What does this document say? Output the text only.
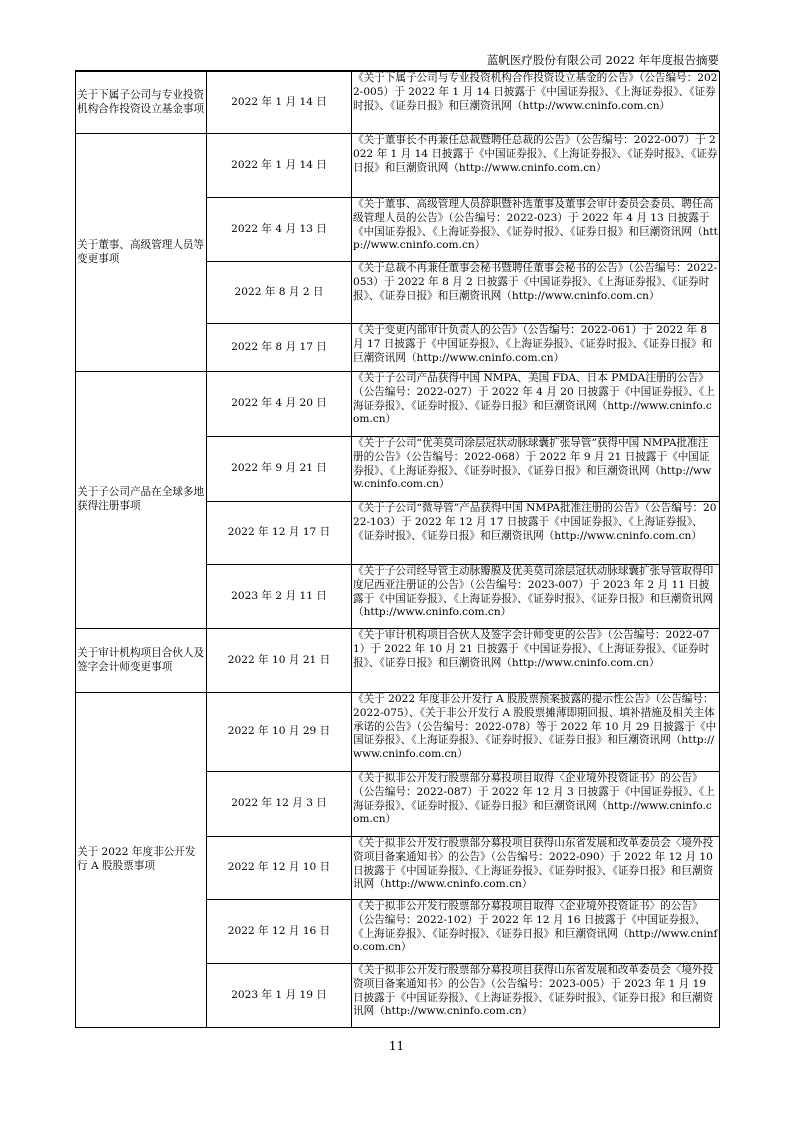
蓝帆医疗股份有限公司 2022 年年度报告摘要
关于下属子公司与专业投资机构合作投资设立基金事项	2022 年 1 月 14 日	《关于下属子公司与专业投资机构合作投资设立基金的公告》（公告编号：2022-005）于 2022 年 1 月 14 日披露于《中国证券报》、《上海证券报》、《证券时报》、《证券日报》和巨潮资讯网（http://www.cninfo.com.cn）
关于董事、高级管理人员等变更事项	2022 年 1 月 14 日	《关于董事长不再兼任总裁暨聘任总裁的公告》（公告编号：2022-007）于 2022 年 1 月 14 日披露于《中国证券报》、《上海证券报》、《证券时报》、《证券日报》和巨潮资讯网（http://www.cninfo.com.cn）
	2022 年 4 月 13 日	《关于董事、高级管理人员辞职暨补选董事及董事会审计委员会委员、聘任高级管理人员的公告》（公告编号：2022-023）于 2022 年 4 月 13 日披露于《中国证券报》、《上海证券报》、《证券时报》、《证券日报》和巨潮资讯网（http://www.cninfo.com.cn）
	2022 年 8 月 2 日	《关于总裁不再兼任董事会秘书暨聘任董事会秘书的公告》（公告编号：2022-053）于 2022 年 8 月 2 日披露于《中国证券报》、《上海证券报》、《证券时报》、《证券日报》和巨潮资讯网（http://www.cninfo.com.cn）
	2022 年 8 月 17 日	《关于变更内部审计负责人的公告》（公告编号：2022-061）于 2022 年 8 月 17 日披露于《中国证券报》、《上海证券报》、《证券时报》、《证券日报》和巨潮资讯网（http://www.cninfo.com.cn）
关于子公司产品在全球多地获得注册事项	2022 年 4 月 20 日	《关于子公司产品获得中国 NMPA、美国 FDA、日本 PMDA注册的公告》（公告编号：2022-027）于 2022 年 4 月 20 日披露于《中国证券报》、《上海证券报》、《证券时报》、《证券日报》和巨潮资讯网（http://www.cninfo.com.cn）
	2022 年 9 月 21 日	《关于子公司“优美莫司涂层冠状动脉球囊扩张导管”获得中国 NMPA批准注册的公告》（公告编号：2022-068）于 2022 年 9 月 21 日披露于《中国证券报》、《上海证券报》、《证券时报》、《证券日报》和巨潮资讯网（http://www.cninfo.com.cn）
	2022 年 12 月 17 日	《关于子公司“微导管”产品获得中国 NMPA批准注册的公告》（公告编号：2022-103）于 2022 年 12 月 17 日披露于《中国证券报》、《上海证券报》、《证券时报》、《证券日报》和巨潮资讯网（http://www.cninfo.com.cn）
	2023 年 2 月 11 日	《关于子公司经导管主动脉瓣膜及优美莫司涂层冠状动脉球囊扩张导管取得印度尼西亚注册证的公告》（公告编号：2023-007）于 2023 年 2 月 11 日披露于《中国证券报》、《上海证券报》、《证券时报》、《证券日报》和巨潮资讯网（http://www.cninfo.com.cn）
关于审计机构项目合伙人及签字会计师变更事项	2022 年 10 月 21 日	《关于审计机构项目合伙人及签字会计师变更的公告》（公告编号：2022-071）于 2022 年 10 月 21 日披露于《中国证券报》、《上海证券报》、《证券时报》、《证券日报》和巨潮资讯网（http://www.cninfo.com.cn）
关于 2022 年度非公开发行 A 股股票事项	2022 年 10 月 29 日	《关于 2022 年度非公开发行 A 股股票预案披露的提示性公告》（公告编号：2022-075）、《关于非公开发行 A 股股票摊薄即期回报、填补措施及相关主体承诺的公告》（公告编号：2022-078）等于 2022 年 10 月 29 日披露于《中国证券报》、《上海证券报》、《证券时报》、《证券日报》和巨潮资讯网（http://www.cninfo.com.cn）
	2022 年 12 月 3 日	《关于拟非公开发行股票部分募投项目取得〈企业境外投资证书〉的公告》（公告编号：2022-087）于 2022 年 12 月 3 日披露于《中国证券报》、《上海证券报》、《证券时报》、《证券日报》和巨潮资讯网（http://www.cninfo.com.cn）
	2022 年 12 月 10 日	《关于拟非公开发行股票部分募投项目获得山东省发展和改革委员会〈境外投资项目备案通知书〉的公告》（公告编号：2022-090）于 2022 年 12 月 10 日披露于《中国证券报》、《上海证券报》、《证券时报》、《证券日报》和巨潮资讯网（http://www.cninfo.com.cn）
	2022 年 12 月 16 日	《关于拟非公开发行股票部分募投项目取得〈企业境外投资证书〉的公告》（公告编号：2022-102）于 2022 年 12 月 16 日披露于《中国证券报》、《上海证券报》、《证券时报》、《证券日报》和巨潮资讯网（http://www.cninfo.com.cn）
	2023 年 1 月 19 日	《关于拟非公开发行股票部分募投项目获得山东省发展和改革委员会〈境外投资项目备案通知书〉的公告》（公告编号：2023-005）于 2023 年 1 月 19 日披露于《中国证券报》、《上海证券报》、《证券时报》、《证券日报》和巨潮资讯网（http://www.cninfo.com.cn）
11
